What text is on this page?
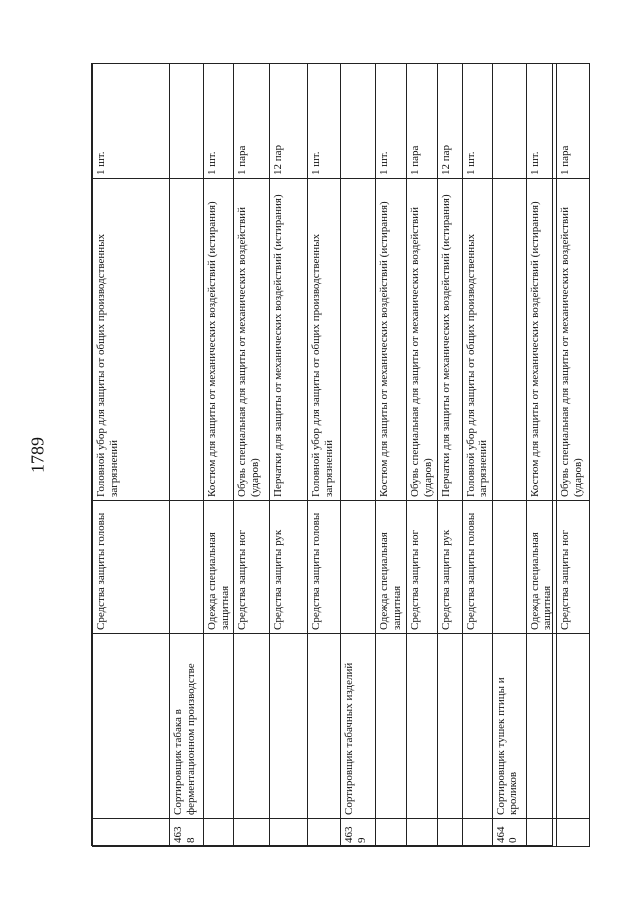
1789
		Средства защиты головы	Головной убор для защиты от общих производственных загрязнений	1 шт.
4638	Сортировщик табака в ферментационном производстве			
		Одежда специальная защитная	Костюм для защиты от механических воздействий (истирания)	1 шт.
		Средства защиты ног	Обувь специальная для защиты от механических воздействий (ударов)	1 пара
		Средства защиты рук	Перчатки для защиты от механических воздействий (истирания)	12 пар
		Средства защиты головы	Головной убор для защиты от общих производственных загрязнений	1 шт.
4639	Сортировщик табачных изделий			
		Одежда специальная защитная	Костюм для защиты от механических воздействий (истирания)	1 шт.
		Средства защиты ног	Обувь специальная для защиты от механических воздействий (ударов)	1 пара
		Средства защиты рук	Перчатки для защиты от механических воздействий (истирания)	12 пар
		Средства защиты головы	Головной убор для защиты от общих производственных загрязнений	1 шт.
4640	Сортировщик тушек птицы и кроликов			
		Одежда специальная защитная	Костюм для защиты от механических воздействий (истирания)	1 шт.
		Средства защиты ног	Обувь специальная для защиты от механических воздействий (ударов)	1 пара
